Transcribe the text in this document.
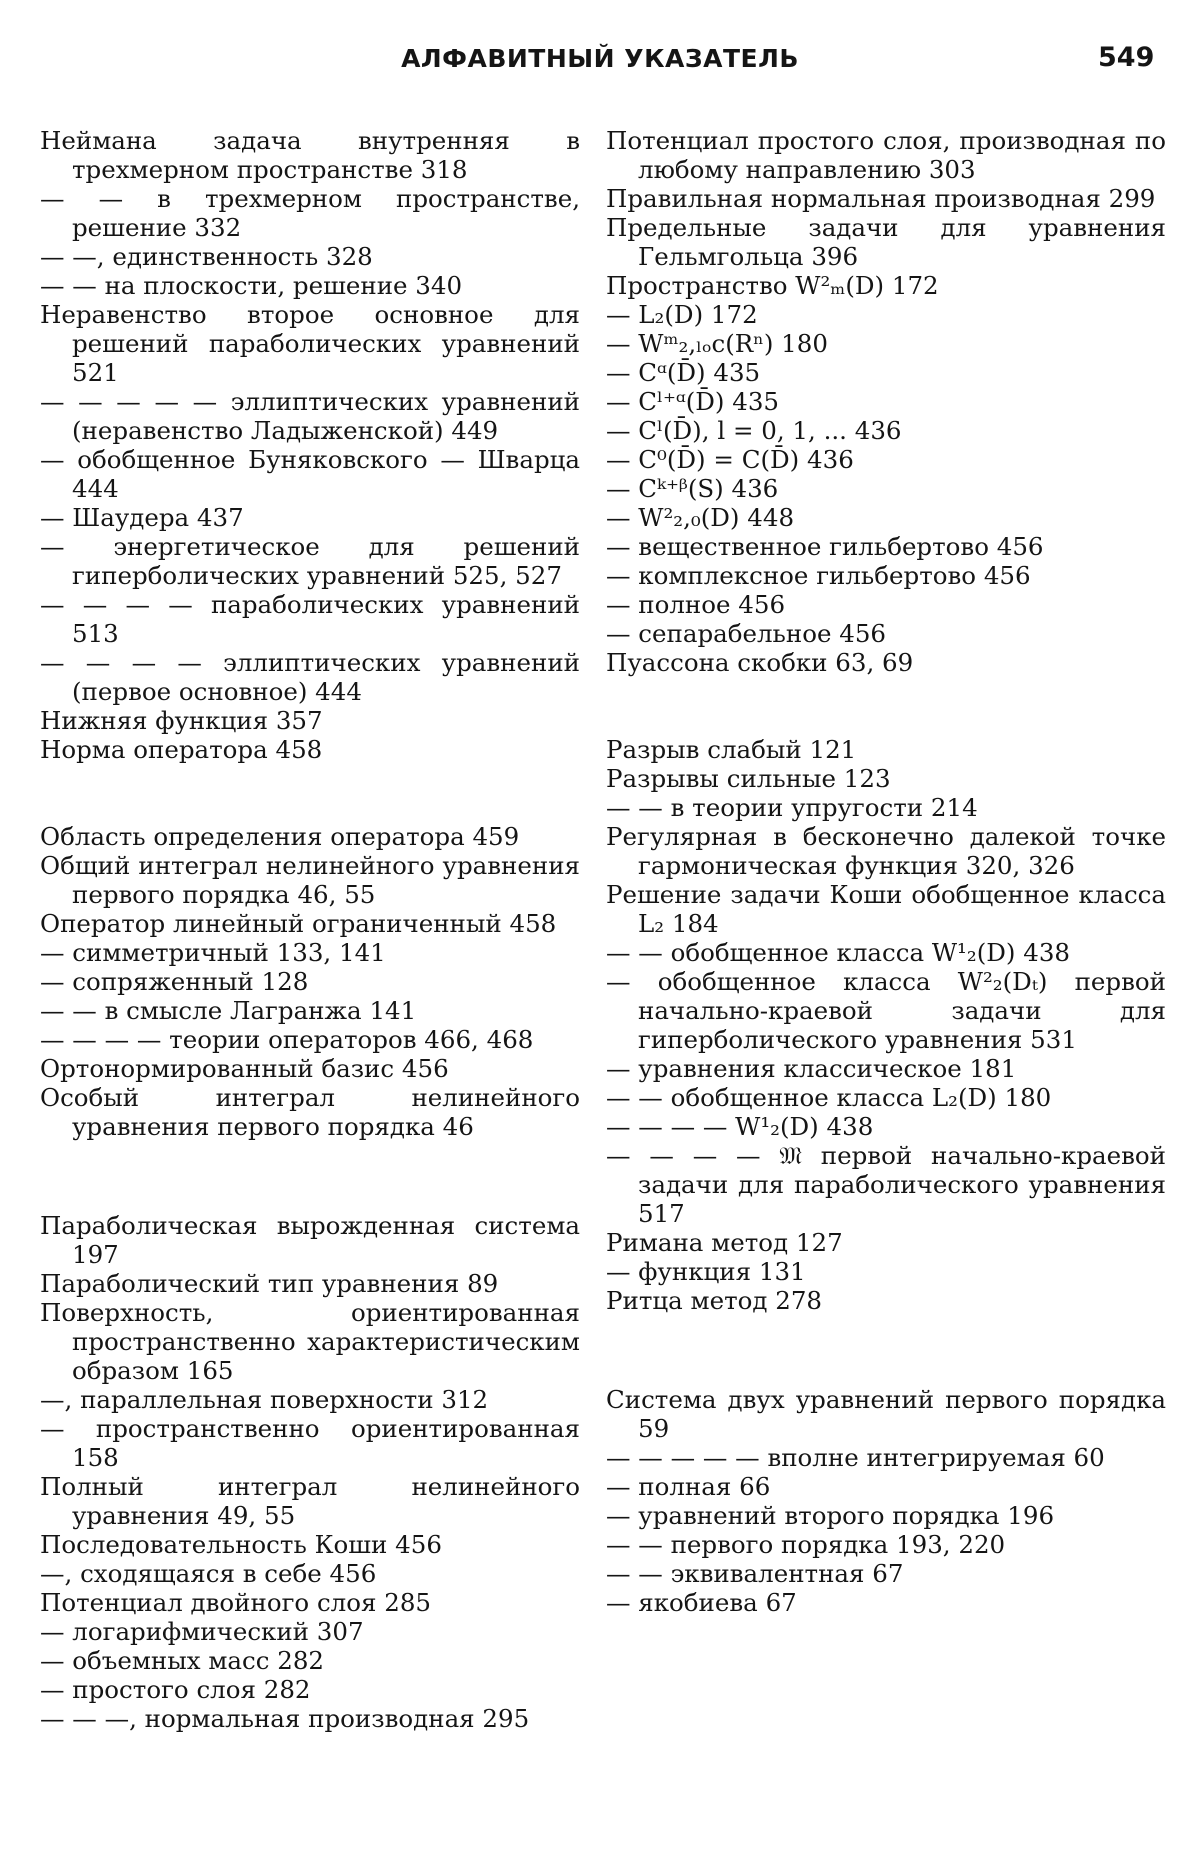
АЛФАВИТНЫЙ УКАЗАТЕЛЬ	549

Неймана задача внутренняя в трехмерном пространстве 318

— — в трехмерном пространстве, решение 332

— —, единственность 328

— — на плоскости, решение 340

Неравенство второе основное для решений параболических уравнений 521

— — — — — эллиптических уравнений (неравенство Ладыженской) 449

— обобщенное Буняковского — Шварца 444

— Шаудера 437

— энергетическое для решений гиперболических уравнений 525, 527

— — — — параболических уравнений 513

— — — — эллиптических уравнений (первое основное) 444

Нижняя функция 357

Норма оператора 458

Область определения оператора 459

Общий интеграл нелинейного уравнения первого порядка 46, 55

Оператор линейный ограниченный 458

— симметричный 133, 141

— сопряженный 128

— — в смысле Лагранжа 141

— — — — теории операторов 466, 468

Ортонормированный базис 456

Особый интеграл нелинейного уравнения первого порядка 46

Параболическая вырожденная система 197

Параболический тип уравнения 89

Поверхность, ориентированная пространственно характеристическим образом 165

—, параллельная поверхности 312

— пространственно ориентированная 158

Полный интеграл нелинейного уравнения 49, 55

Последовательность Коши 456

—, сходящаяся в себе 456

Потенциал двойного слоя 285

— логарифмический 307

— объемных масс 282

— простого слоя 282

— — —, нормальная производная 295

Потенциал простого слоя, производная по любому направлению 303

Правильная нормальная производная 299

Предельные задачи для уравнения Гельмгольца 396

Пространство W²ₘ(D) 172

— L₂(D) 172

— Wᵐ₂,ₗₒc(Rⁿ) 180

— Cᵅ(D̄) 435

— Cˡ⁺ᵅ(D̄) 435

— Cˡ(D̄), l = 0, 1, ... 436

— C⁰(D̄) = C(D̄) 436

— Cᵏ⁺ᵝ(S) 436

— W²₂,₀(D) 448

— вещественное гильбертово 456

— комплексное гильбертово 456

— полное 456

— сепарабельное 456

Пуассона скобки 63, 69

Разрыв слабый 121

Разрывы сильные 123

— — в теории упругости 214

Регулярная в бесконечно далекой точке гармоническая функция 320, 326

Решение задачи Коши обобщенное класса L₂ 184

— — обобщенное класса W¹₂(D) 438

— обобщенное класса W²₂(Dₜ) первой начально-краевой задачи для гиперболического уравнения 531

— уравнения классическое 181

— — обобщенное класса L₂(D) 180

— — — — W¹₂(D) 438

— — — — 𝔐 первой начально-краевой задачи для параболического уравнения 517

Римана метод 127

— функция 131

Ритца метод 278

Система двух уравнений первого порядка 59

— — — — — вполне интегрируемая 60

— полная 66

— уравнений второго порядка 196

— — первого порядка 193, 220

— — эквивалентная 67

— якобиева 67
